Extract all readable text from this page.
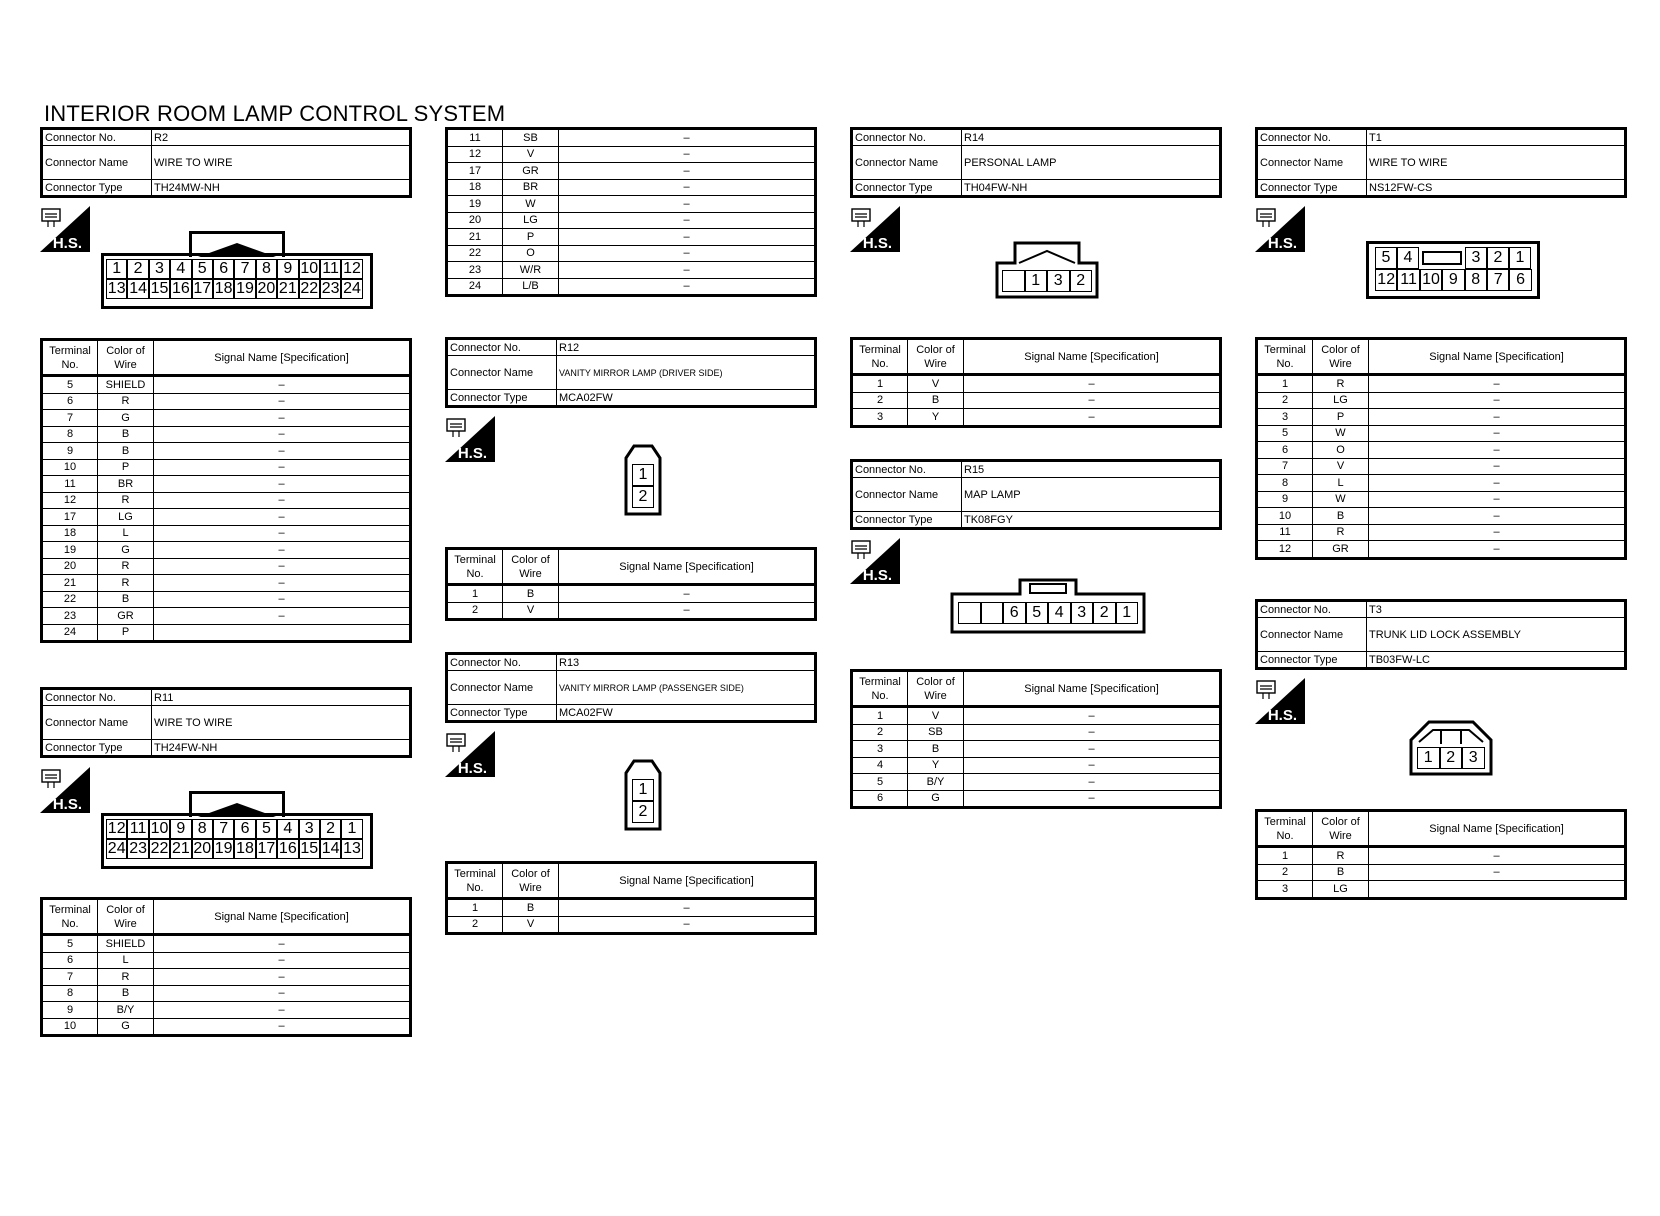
INTERIOR ROOM LAMP CONTROL SYSTEM
Connector No.	R2
Connector Name	WIRE TO WIRE
Connector Type	TH24MW-NH
H.S.
1 2 3 4 5 6 7 8 9 10 11 12
13 14 15 16 17 18 19 20 21 22 23 24
Terminal No.	Color of Wire	Signal Name [Specification]
5	SHIELD	–
6	R	–
7	G	–
8	B	–
9	B	–
10	P	–
11	BR	–
12	R	–
17	LG	–
18	L	–
19	G	–
20	R	–
21	R	–
22	B	–
23	GR	–
24	P	
Connector No.	R11
Connector Name	WIRE TO WIRE
Connector Type	TH24FW-NH
H.S.
12 11 10 9 8 7 6 5 4 3 2 1
24 23 22 21 20 19 18 17 16 15 14 13
Terminal No.	Color of Wire	Signal Name [Specification]
5	SHIELD	–
6	L	–
7	R	–
8	B	–
9	B/Y	–
10	G	–
11	SB	–
12	V	–
17	GR	–
18	BR	–
19	W	–
20	LG	–
21	P	–
22	O	–
23	W/R	–
24	L/B	–
Connector No.	R12
Connector Name	VANITY MIRROR LAMP (DRIVER SIDE)
Connector Type	MCA02FW
H.S.
1
2
Terminal No.	Color of Wire	Signal Name [Specification]
1	B	–
2	V	–
Connector No.	R13
Connector Name	VANITY MIRROR LAMP (PASSENGER SIDE)
Connector Type	MCA02FW
H.S.
1
2
Terminal No.	Color of Wire	Signal Name [Specification]
1	B	–
2	V	–
Connector No.	R14
Connector Name	PERSONAL LAMP
Connector Type	TH04FW-NH
H.S.
1 3 2
Terminal No.	Color of Wire	Signal Name [Specification]
1	V	–
2	B	–
3	Y	–
Connector No.	R15
Connector Name	MAP LAMP
Connector Type	TK08FGY
H.S.
6 5 4 3 2 1
Terminal No.	Color of Wire	Signal Name [Specification]
1	V	–
2	SB	–
3	B	–
4	Y	–
5	B/Y	–
6	G	–
Connector No.	T1
Connector Name	WIRE TO WIRE
Connector Type	NS12FW-CS
H.S.
5 4	3 2 1
12 11 10 9 8 7 6
Terminal No.	Color of Wire	Signal Name [Specification]
1	R	–
2	LG	–
3	P	–
5	W	–
6	O	–
7	V	–
8	L	–
9	W	–
10	B	–
11	R	–
12	GR	–
Connector No.	T3
Connector Name	TRUNK LID LOCK ASSEMBLY
Connector Type	TB03FW-LC
H.S.
1 2 3
Terminal No.	Color of Wire	Signal Name [Specification]
1	R	–
2	B	–
3	LG	
